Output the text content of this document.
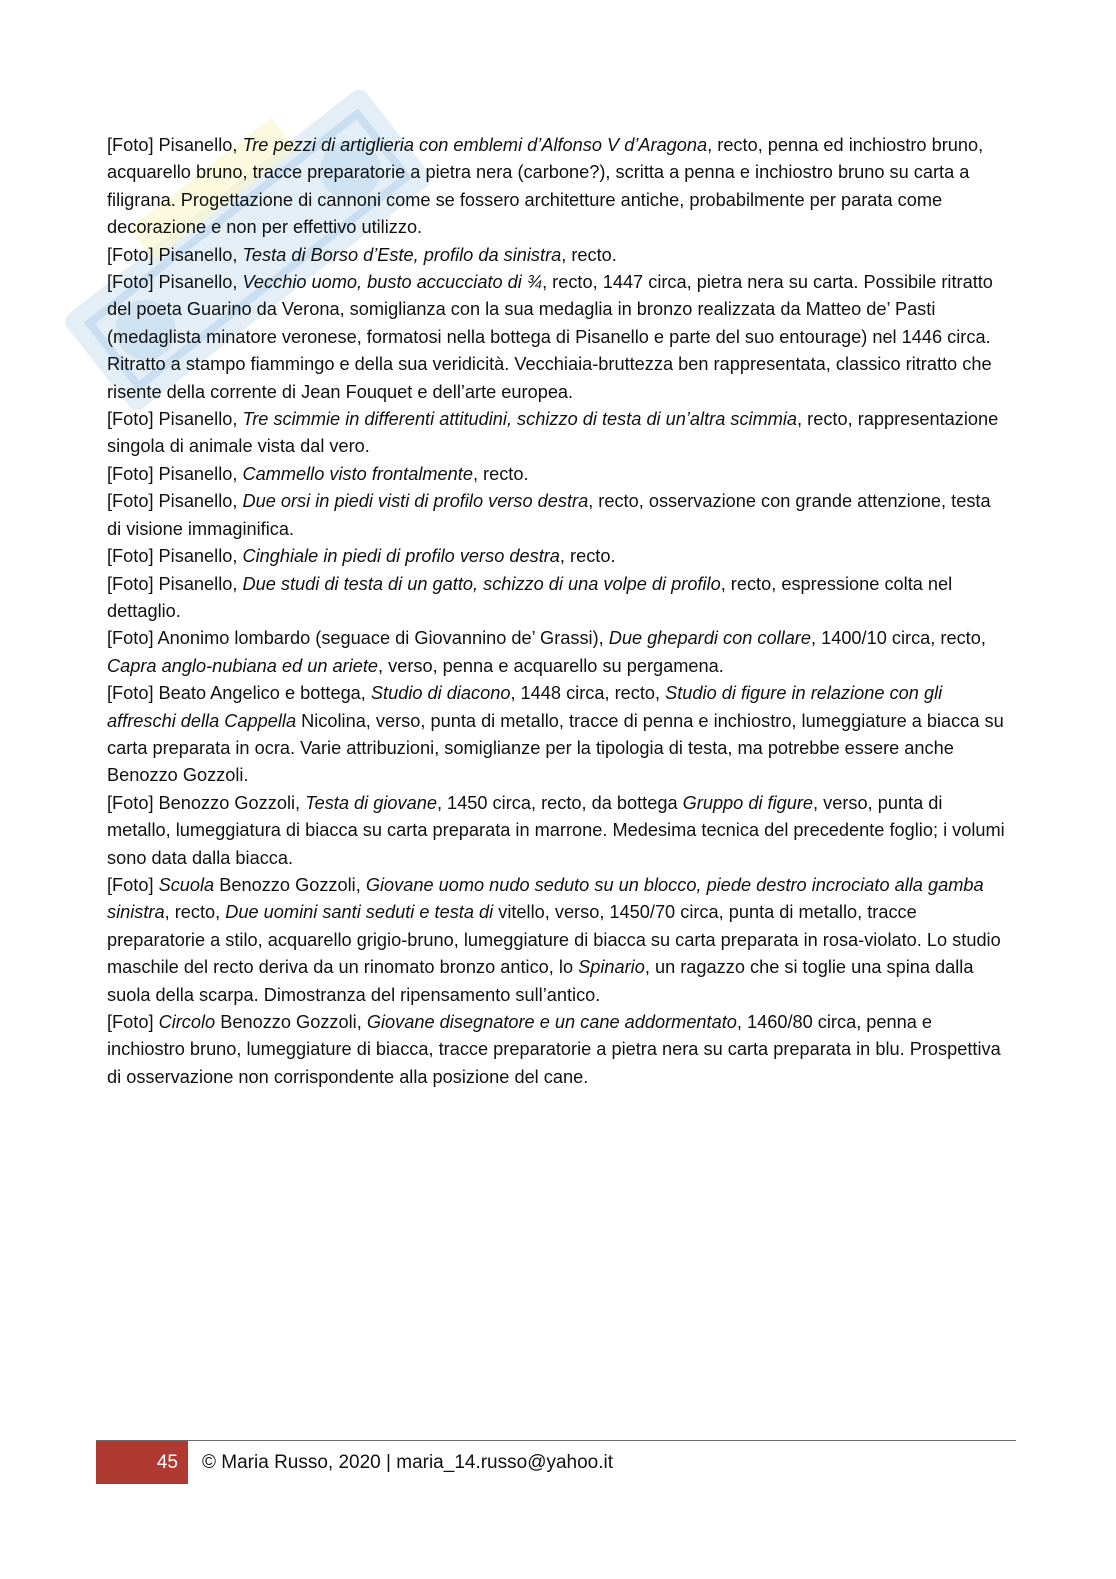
[Foto] Pisanello, Tre pezzi di artiglieria con emblemi d’Alfonso V d’Aragona, recto, penna ed inchiostro bruno, acquarello bruno, tracce preparatorie a pietra nera (carbone?), scritta a penna e inchiostro bruno su carta a filigrana. Progettazione di cannoni come se fossero architetture antiche, probabilmente per parata come decorazione e non per effettivo utilizzo.

[Foto] Pisanello, Testa di Borso d’Este, profilo da sinistra, recto.

[Foto] Pisanello, Vecchio uomo, busto accucciato di ¾, recto, 1447 circa, pietra nera su carta. Possibile ritratto del poeta Guarino da Verona, somiglianza con la sua medaglia in bronzo realizzata da Matteo de’ Pasti (medaglista minatore veronese, formatosi nella bottega di Pisanello e parte del suo entourage) nel 1446 circa. Ritratto a stampo fiammingo e della sua veridicità. Vecchiaia-bruttezza ben rappresentata, classico ritratto che risente della corrente di Jean Fouquet e dell’arte europea.

[Foto] Pisanello, Tre scimmie in differenti attitudini, schizzo di testa di un’altra scimmia, recto, rappresentazione singola di animale vista dal vero.

[Foto] Pisanello, Cammello visto frontalmente, recto.

[Foto] Pisanello, Due orsi in piedi visti di profilo verso destra, recto, osservazione con grande attenzione, testa di visione immaginifica.

[Foto] Pisanello, Cinghiale in piedi di profilo verso destra, recto.

[Foto] Pisanello, Due studi di testa di un gatto, schizzo di una volpe di profilo, recto, espressione colta nel dettaglio.

[Foto] Anonimo lombardo (seguace di Giovannino de’ Grassi), Due ghepardi con collare, 1400/10 circa, recto, Capra anglo-nubiana ed un ariete, verso, penna e acquarello su pergamena.

[Foto] Beato Angelico e bottega, Studio di diacono, 1448 circa, recto, Studio di figure in relazione con gli affreschi della Cappella Nicolina, verso, punta di metallo, tracce di penna e inchiostro, lumeggiature a biacca su carta preparata in ocra. Varie attribuzioni, somiglianze per la tipologia di testa, ma potrebbe essere anche Benozzo Gozzoli.

[Foto] Benozzo Gozzoli, Testa di giovane, 1450 circa, recto, da bottega Gruppo di figure, verso, punta di metallo, lumeggiatura di biacca su carta preparata in marrone. Medesima tecnica del precedente foglio; i volumi sono data dalla biacca.

[Foto] Scuola Benozzo Gozzoli, Giovane uomo nudo seduto su un blocco, piede destro incrociato alla gamba sinistra, recto, Due uomini santi seduti e testa di vitello, verso, 1450/70 circa, punta di metallo, tracce preparatorie a stilo, acquarello grigio-bruno, lumeggiature di biacca su carta preparata in rosa-violato. Lo studio maschile del recto deriva da un rinomato bronzo antico, lo Spinario, un ragazzo che si toglie una spina dalla suola della scarpa. Dimostranza del ripensamento sull’antico.

[Foto] Circolo Benozzo Gozzoli, Giovane disegnatore e un cane addormentato, 1460/80 circa, penna e inchiostro bruno, lumeggiature di biacca, tracce preparatorie a pietra nera su carta preparata in blu. Prospettiva di osservazione non corrispondente alla posizione del cane.

45	© Maria Russo, 2020 | maria_14.russo@yahoo.it
